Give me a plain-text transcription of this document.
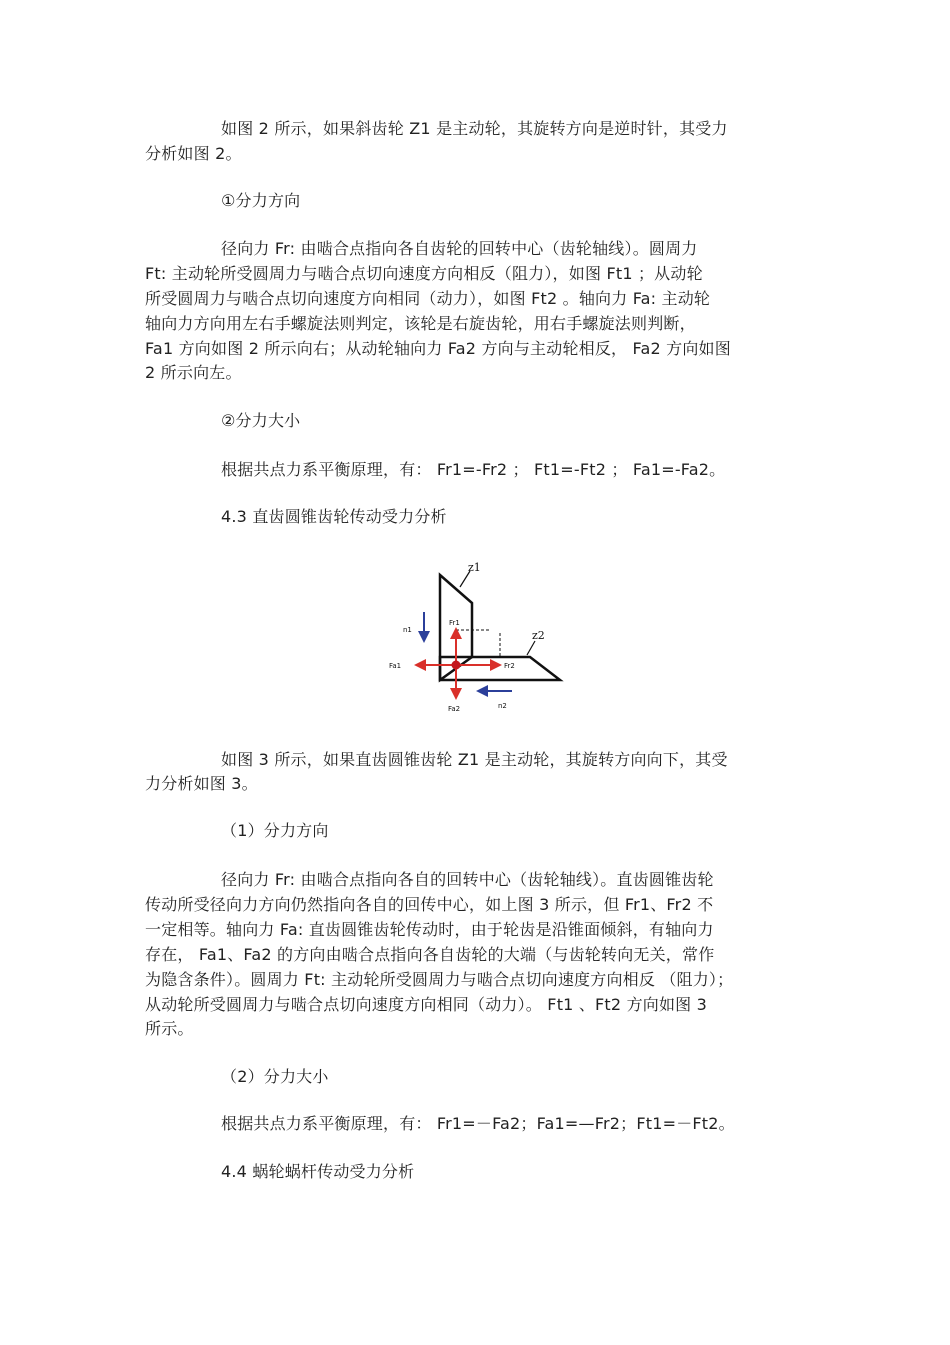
如图 2 所示，如果斜齿轮 Z1 是主动轮，其旋转方向是逆时针，其受力
分析如图 2。
①分力方向
径向力 Fr: 由啮合点指向各自齿轮的回转中心（齿轮轴线）。圆周力
Ft: 主动轮所受圆周力与啮合点切向速度方向相反（阻力），如图 Ft1 ；从动轮
所受圆周力与啮合点切向速度方向相同（动力），如图 Ft2 。轴向力 Fa: 主动轮
轴向力方向用左右手螺旋法则判定，该轮是右旋齿轮，用右手螺旋法则判断，
Fa1 方向如图 2 所示向右；从动轮轴向力 Fa2 方向与主动轮相反， Fa2 方向如图
2 所示向左。
②分力大小
根据共点力系平衡原理，有： Fr1=-Fr2 ； Ft1=-Ft2 ； Fa1=-Fa2。
4.3 直齿圆锥齿轮传动受力分析
z1
z2
n1
n2
Fr1
Fr2
Fa1
Fa2
如图 3 所示，如果直齿圆锥齿轮 Z1 是主动轮，其旋转方向向下，其受
力分析如图 3。
（1）分力方向
径向力 Fr: 由啮合点指向各自的回转中心（齿轮轴线）。直齿圆锥齿轮
传动所受径向力方向仍然指向各自的回传中心，如上图 3 所示，但 Fr1、Fr2 不
一定相等。轴向力 Fa: 直齿圆锥齿轮传动时，由于轮齿是沿锥面倾斜，有轴向力
存在， Fa1、Fa2 的方向由啮合点指向各自齿轮的大端（与齿轮转向无关，常作
为隐含条件）。圆周力 Ft: 主动轮所受圆周力与啮合点切向速度方向相反 （阻力）；
从动轮所受圆周力与啮合点切向速度方向相同（动力）。 Ft1 、Ft2 方向如图 3
所示。
（2）分力大小
根据共点力系平衡原理，有： Fr1=－Fa2；Fa1=—Fr2；Ft1=－Ft2。
4.4 蜗轮蜗杆传动受力分析
